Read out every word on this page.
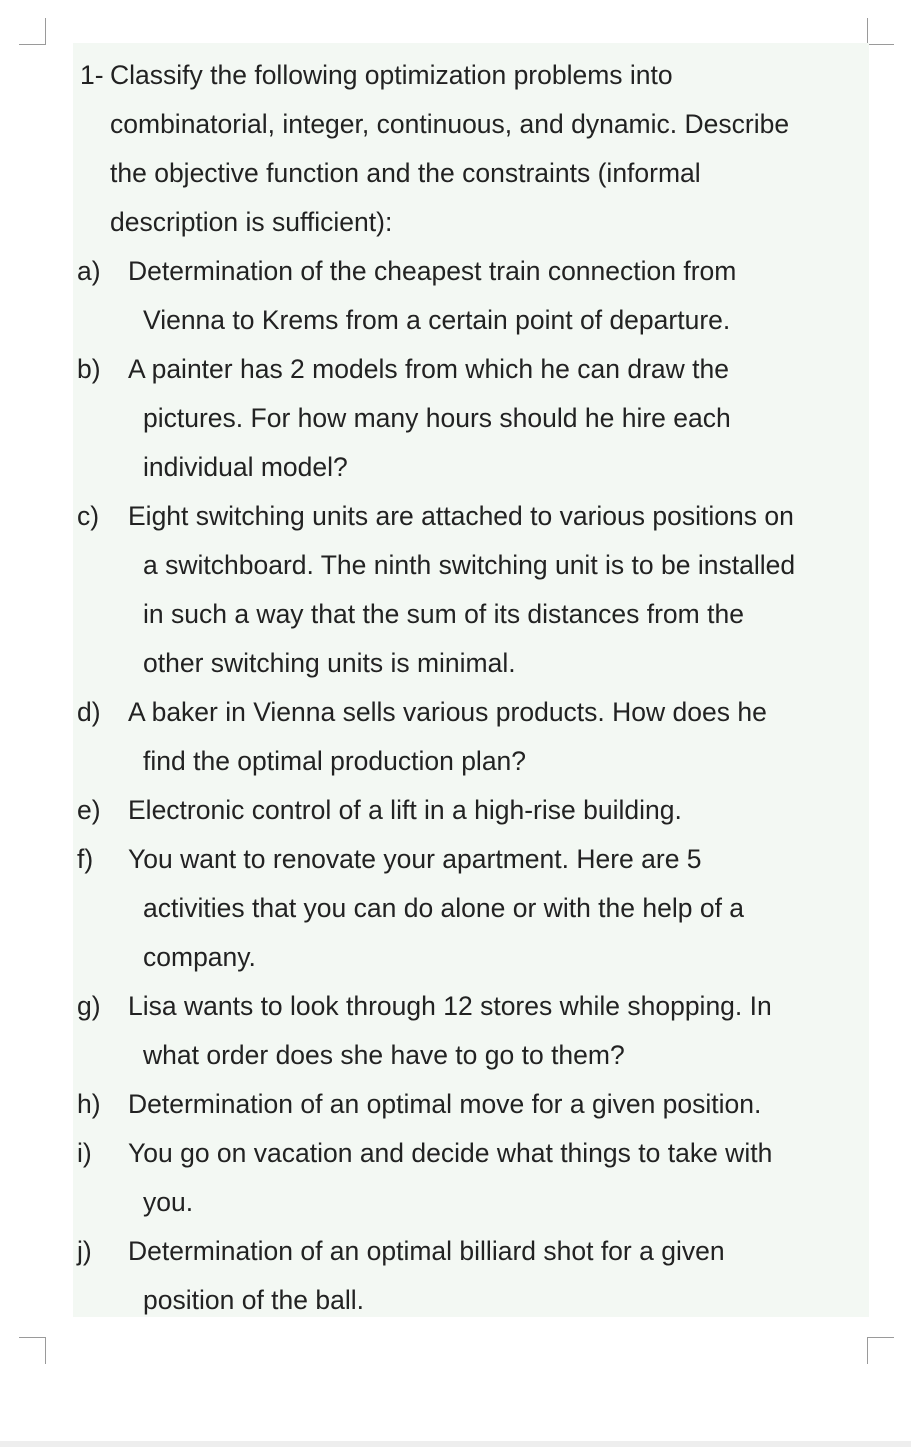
1- Classify the following optimization problems into
combinatorial, integer, continuous, and dynamic. Describe
the objective function and the constraints (informal
description is sufficient):
a) Determination of the cheapest train connection from
Vienna to Krems from a certain point of departure.
b) A painter has 2 models from which he can draw the
pictures. For how many hours should he hire each
individual model?
c) Eight switching units are attached to various positions on
a switchboard. The ninth switching unit is to be installed
in such a way that the sum of its distances from the
other switching units is minimal.
d) A baker in Vienna sells various products. How does he
find the optimal production plan?
e) Electronic control of a lift in a high-rise building.
f) You want to renovate your apartment. Here are 5
activities that you can do alone or with the help of a
company.
g) Lisa wants to look through 12 stores while shopping. In
what order does she have to go to them?
h) Determination of an optimal move for a given position.
i) You go on vacation and decide what things to take with
you.
j) Determination of an optimal billiard shot for a given
position of the ball.
